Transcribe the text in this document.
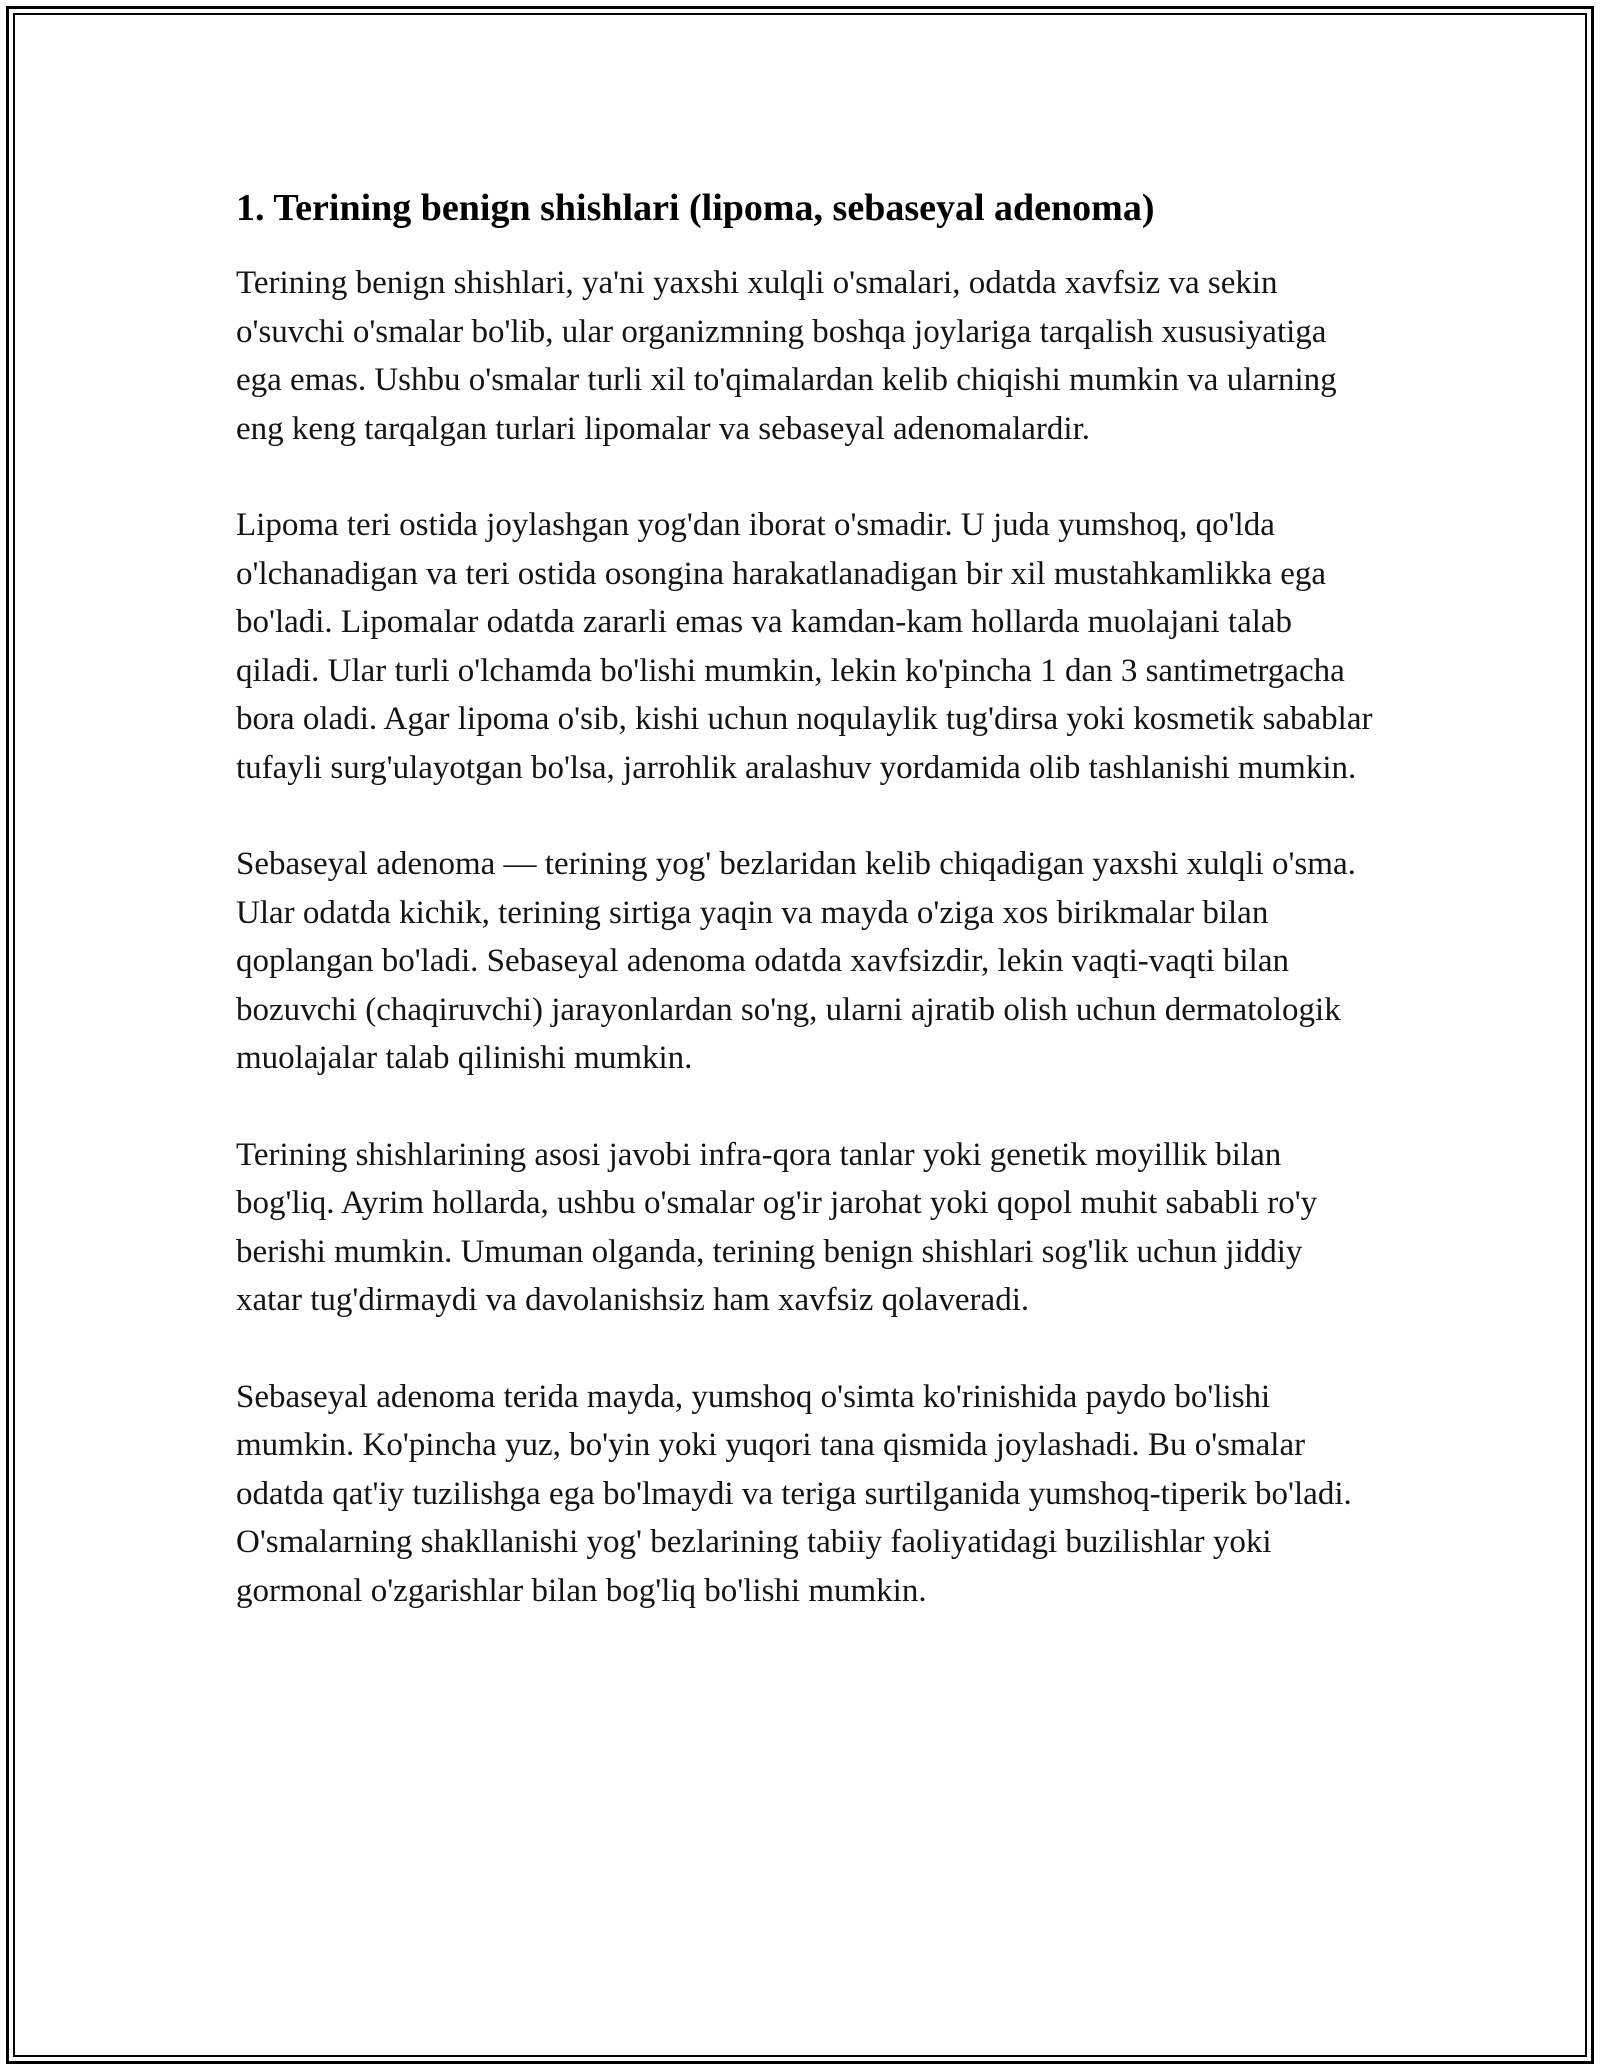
1. Terining benign shishlari (lipoma, sebaseyal adenoma)

Terining benign shishlari, ya'ni yaxshi xulqli o'smalari, odatda xavfsiz va sekin o'suvchi o'smalar bo'lib, ular organizmning boshqa joylariga tarqalish xususiyatiga ega emas. Ushbu o'smalar turli xil to'qimalardan kelib chiqishi mumkin va ularning eng keng tarqalgan turlari lipomalar va sebaseyal adenomalardir.

Lipoma teri ostida joylashgan yog'dan iborat o'smadir. U juda yumshoq, qo'lda o'lchanadigan va teri ostida osongina harakatlanadigan bir xil mustahkamlikka ega bo'ladi. Lipomalar odatda zararli emas va kamdan-kam hollarda muolajani talab qiladi. Ular turli o'lchamda bo'lishi mumkin, lekin ko'pincha 1 dan 3 santimetrgacha bora oladi. Agar lipoma o'sib, kishi uchun noqulaylik tug'dirsa yoki kosmetik sabablar tufayli surg'ulayotgan bo'lsa, jarrohlik aralashuv yordamida olib tashlanishi mumkin.

Sebaseyal adenoma — terining yog' bezlaridan kelib chiqadigan yaxshi xulqli o'sma. Ular odatda kichik, terining sirtiga yaqin va mayda o'ziga xos birikmalar bilan qoplangan bo'ladi. Sebaseyal adenoma odatda xavfsizdir, lekin vaqti-vaqti bilan bozuvchi (chaqiruvchi) jarayonlardan so'ng, ularni ajratib olish uchun dermatologik muolajalar talab qilinishi mumkin.

Terining shishlarining asosi javobi infra-qora tanlar yoki genetik moyillik bilan bog'liq. Ayrim hollarda, ushbu o'smalar og'ir jarohat yoki qopol muhit sababli ro'y berishi mumkin. Umuman olganda, terining benign shishlari sog'lik uchun jiddiy xatar tug'dirmaydi va davolanishsiz ham xavfsiz qolaveradi.

Sebaseyal adenoma terida mayda, yumshoq o'simta ko'rinishida paydo bo'lishi mumkin. Ko'pincha yuz, bo'yin yoki yuqori tana qismida joylashadi. Bu o'smalar odatda qat'iy tuzilishga ega bo'lmaydi va teriga surtilganida yumshoq-tiperik bo'ladi. O'smalarning shakllanishi yog' bezlarining tabiiy faoliyatidagi buzilishlar yoki gormonal o'zgarishlar bilan bog'liq bo'lishi mumkin.
